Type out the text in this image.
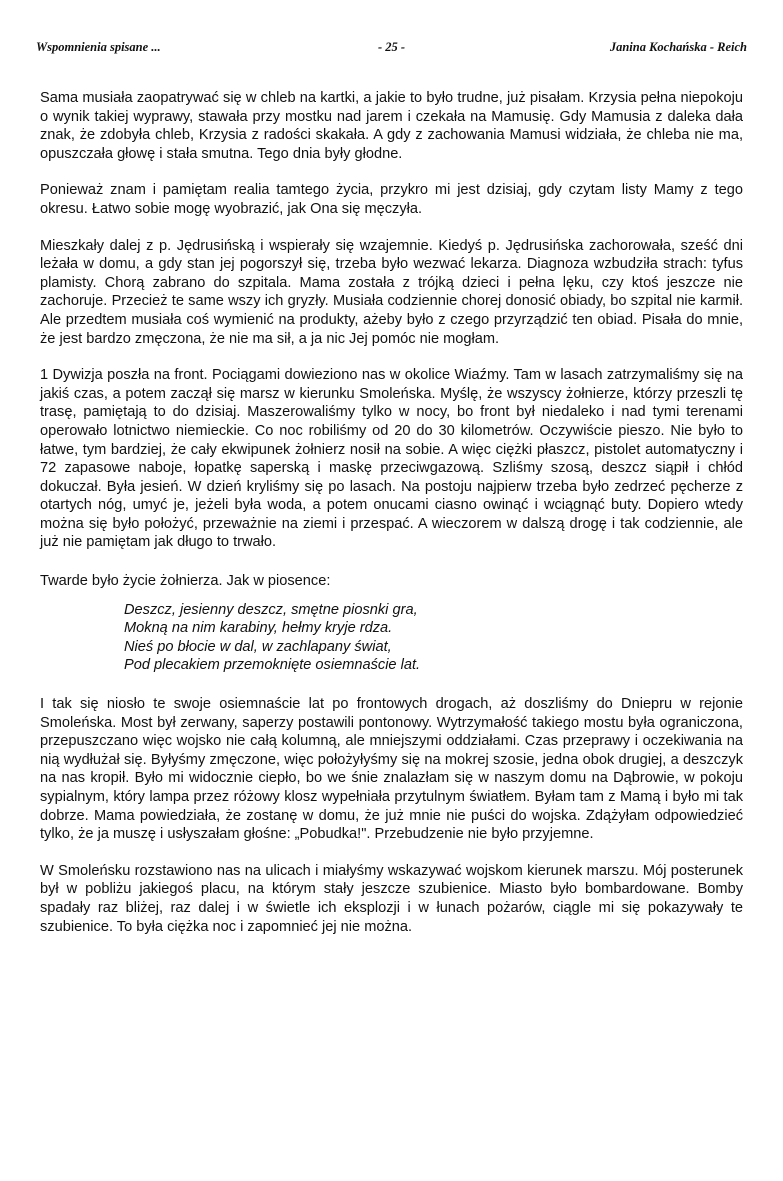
Wspomnienia spisane ...	- 25 -	Janina Kochańska - Reich

Sama musiała zaopatrywać się w chleb na kartki, a jakie to było trudne, już pisałam. Krzysia pełna niepokoju o wynik takiej wyprawy, stawała przy mostku nad jarem i czekała na Mamusię. Gdy Mamusia z daleka dała znak, że zdobyła chleb, Krzysia z radości skakała. A gdy z zachowania Mamusi widziała, że chleba nie ma, opuszczała głowę i stała smutna. Tego dnia były głodne.

Ponieważ znam i pamiętam realia tamtego życia, przykro mi jest dzisiaj, gdy czytam listy Mamy z tego okresu. Łatwo sobie mogę wyobrazić, jak Ona się męczyła.

Mieszkały dalej z p. Jędrusińską i wspierały się wzajemnie. Kiedyś p. Jędrusińska zachorowała, sześć dni leżała w domu, a gdy stan jej pogorszył się, trzeba było wezwać lekarza. Diagnoza wzbudziła strach: tyfus plamisty. Chorą zabrano do szpitala. Mama została z trójką dzieci i pełna lęku, czy ktoś jeszcze nie zachoruje. Przecież te same wszy ich gryzły. Musiała codziennie chorej donosić obiady, bo szpital nie karmił. Ale przedtem musiała coś wymienić na produkty, ażeby było z czego przyrządzić ten obiad. Pisała do mnie, że jest bardzo zmęczona, że nie ma sił, a ja nic Jej pomóc nie mogłam.

1 Dywizja poszła na front. Pociągami dowieziono nas w okolice Wiaźmy. Tam w lasach zatrzymaliśmy się na jakiś czas, a potem zaczął się marsz w kierunku Smoleńska. Myślę, że wszyscy żołnierze, którzy przeszli tę trasę, pamiętają to do dzisiaj. Maszerowaliśmy tylko w nocy, bo front był niedaleko i nad tymi terenami operowało lotnictwo niemieckie. Co noc robiliśmy od 20 do 30 kilometrów. Oczywiście pieszo. Nie było to łatwe, tym bardziej, że cały ekwipunek żołnierz nosił na sobie. A więc ciężki płaszcz, pistolet automatyczny i 72 zapasowe naboje, łopatkę saperską i maskę przeciwgazową. Szliśmy szosą, deszcz siąpił i chłód dokuczał. Była jesień. W dzień kryliśmy się po lasach. Na postoju najpierw trzeba było zedrzeć pęcherze z otartych nóg, umyć je, jeżeli była woda, a potem onucami ciasno owinąć i wciągnąć buty. Dopiero wtedy można się było położyć, przeważnie na ziemi i przespać. A wieczorem w dalszą drogę i tak codziennie, ale już nie pamiętam jak długo to trwało.

Twarde było życie żołnierza. Jak w piosence:

Deszcz, jesienny deszcz, smętne piosnki gra,
Mokną na nim karabiny, hełmy kryje rdza.
Nieś po błocie w dal, w zachlapany świat,
Pod plecakiem przemoknięte osiemnaście lat.

I tak się niosło te swoje osiemnaście lat po frontowych drogach, aż doszliśmy do Dniepru w rejonie Smoleńska. Most był zerwany, saperzy postawili pontonowy. Wytrzymałość takiego mostu była ograniczona, przepuszczano więc wojsko nie całą kolumną, ale mniejszymi oddziałami. Czas przeprawy i oczekiwania na nią wydłużał się. Byłyśmy zmęczone, więc położyłyśmy się na mokrej szosie, jedna obok drugiej, a deszczyk na nas kropił. Było mi widocznie ciepło, bo we śnie znalazłam się w naszym domu na Dąbrowie, w pokoju sypialnym, który lampa przez różowy klosz wypełniała przytulnym światłem. Byłam tam z Mamą i było mi tak dobrze. Mama powiedziała, że zostanę w domu, że już mnie nie puści do wojska. Zdążyłam odpowiedzieć tylko, że ja muszę i usłyszałam głośne: „Pobudka!". Przebudzenie nie było przyjemne.

W Smoleńsku rozstawiono nas na ulicach i miałyśmy wskazywać wojskom kierunek marszu. Mój posterunek był w pobliżu jakiegoś placu, na którym stały jeszcze szubienice. Miasto było bombardowane. Bomby spadały raz bliżej, raz dalej i w świetle ich eksplozji i w łunach pożarów, ciągle mi się pokazywały te szubienice. To była ciężka noc i zapomnieć jej nie można.
